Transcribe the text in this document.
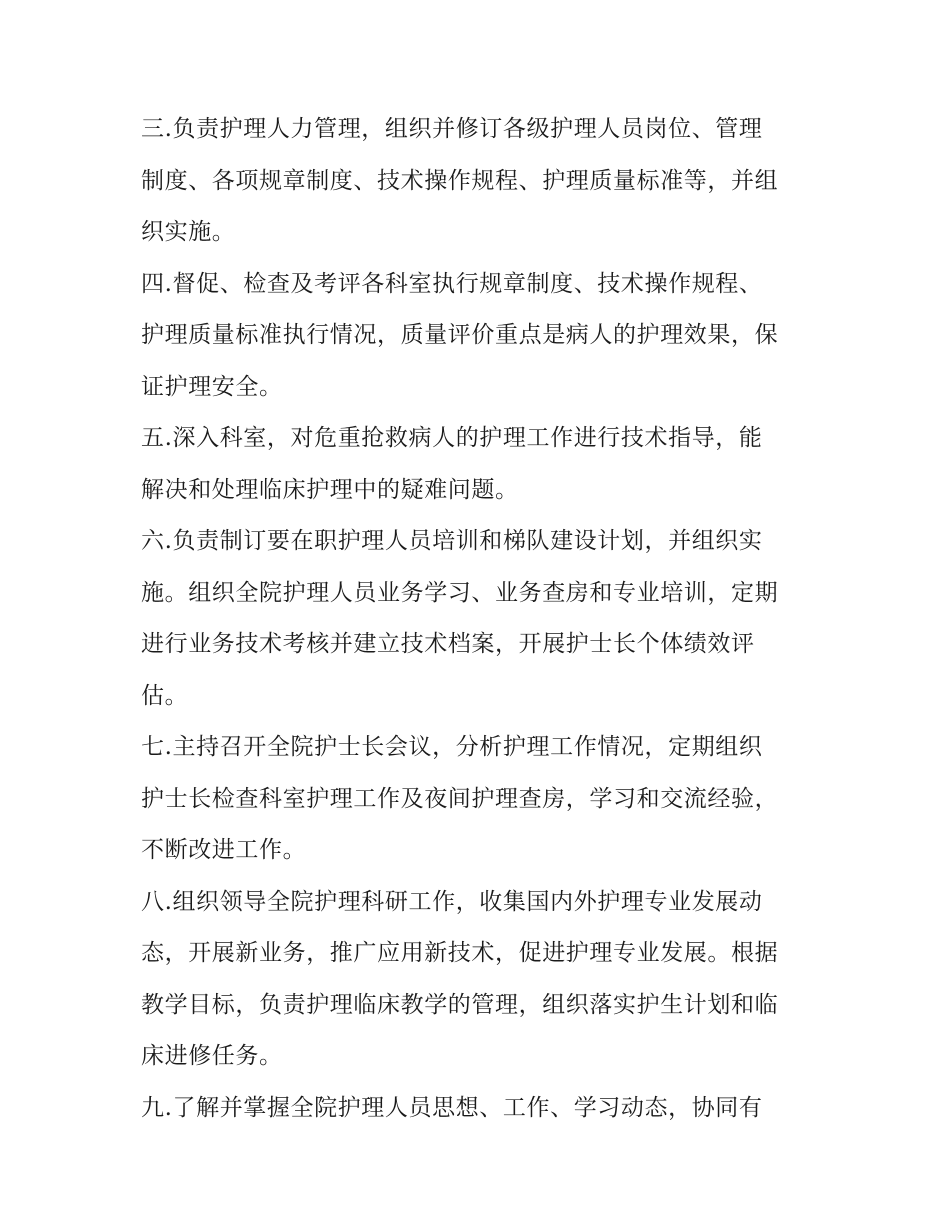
三.负责护理人力管理，组织并修订各级护理人员岗位、管理
制度、各项规章制度、技术操作规程、护理质量标准等，并组
织实施。
四.督促、检查及考评各科室执行规章制度、技术操作规程、
护理质量标准执行情况，质量评价重点是病人的护理效果，保
证护理安全。
五.深入科室，对危重抢救病人的护理工作进行技术指导，能
解决和处理临床护理中的疑难问题。
六.负责制订要在职护理人员培训和梯队建设计划，并组织实
施。组织全院护理人员业务学习、业务查房和专业培训，定期
进行业务技术考核并建立技术档案，开展护士长个体绩效评
估。
七.主持召开全院护士长会议，分析护理工作情况，定期组织
护士长检查科室护理工作及夜间护理查房，学习和交流经验，
不断改进工作。
八.组织领导全院护理科研工作，收集国内外护理专业发展动
态，开展新业务，推广应用新技术，促进护理专业发展。根据
教学目标，负责护理临床教学的管理，组织落实护生计划和临
床进修任务。
九.了解并掌握全院护理人员思想、工作、学习动态，协同有
